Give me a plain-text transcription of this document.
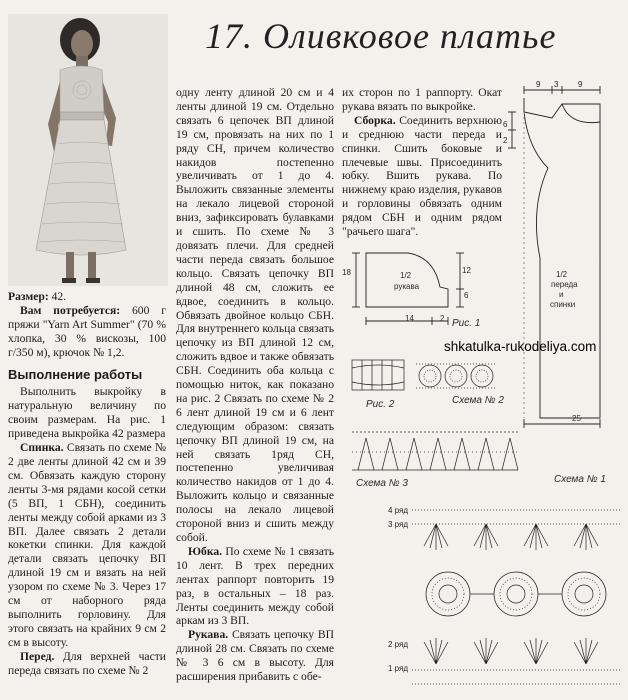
17. Оливковое платье

Размер: 42.

Вам потребуется: 600 г пряжи "Yarn Art Summer" (70 % хлопка, 30 % вискозы, 100 г/350 м), крючок № 1,2.

Выполнение работы

Выполнить выкройку в натуральную величину по своим размерам. На рис. 1 приведена выкройка 42 размера

Спинка. Связать по схеме № 2 две ленты длиной 42 см и 39 см. Обвязать каждую сторону ленты 3-мя рядами косой сетки (5 ВП, 1 СБН), соединить ленты между собой арками из 3 ВП. Далее связать 2 детали кокетки спинки. Для каждой детали связать цепочку ВП длиной 19 см и вязать на ней узором по схеме № 3. Через 17 см от наборного ряда выполнить горловину. Для этого связать на крайних 9 см 2 см в высоту.

Перед. Для верхней части переда связать по схеме № 2

одну ленту длиной 20 см и 4 ленты длиной 19 см. Отдельно связать 6 цепочек ВП длиной 19 см, провязать на них по 1 ряду СН, причем количество накидов постепенно увеличивать от 1 до 4. Выложить связанные элементы на лекало лицевой стороной вниз, зафиксировать булавками и сшить. По схеме № 3 довязать плечи. Для средней части переда связать большое кольцо. Связать цепочку ВП длиной 48 см, сложить ее вдвое, соединить в кольцо. Обвязать двойное кольцо СБН. Для внутреннего кольца связать цепочку из ВП длиной 12 см, сложить вдвое и также обвязать СБН. Соединить оба кольца с помощью ниток, как показано на рис. 2 Связать по схеме № 2 6 лент длиной 19 см и 6 лент следующим образом: связать цепочку ВП длиной 19 см, на ней связать 1ряд СН, постепенно увеличивая количество накидов от 1 до 4. Выложить кольцо и связанные полосы на лекало лицевой стороной вниз и сшить между собой.

Юбка. По схеме № 1 связать 10 лент. В трех передних лентах раппорт повторить 19 раз, в остальных – 18 раз. Ленты соединить между собой аркам из 3 ВП.

Рукава. Связать цепочку ВП длиной 28 см. Связать по схеме № 3 6 см в высоту. Для расширения прибавить с обе-

их сторон по 1 раппорту. Окат рукава вязать по выкройке.

Сборка. Соединить верхнюю и среднюю части переда и спинки. Сшить боковые и плечевые швы. Присоединить юбку. Вшить рукава. По нижнему краю изделия, рукавов и горловины обвязать одним рядом СБН и одним рядом "рачьего шага".

9 3 9
6
2
1/2
переда
и
спинки
25
1/2
рукава
18	12
6
14	2 Рис. 1
shkatulka-rukodeliya.com
Рис. 2	Схема № 2
Схема № 3	Схема № 1
4 ряд
3 ряд
2 ряд
1 ряд
